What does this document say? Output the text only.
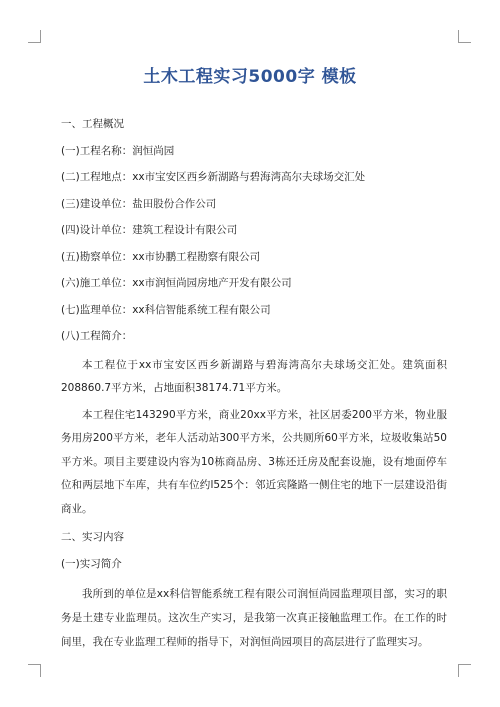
土木工程实习5000字 模板

一、工程概况

(一)工程名称：润恒尚园

(二)工程地点：xx市宝安区西乡新湖路与碧海湾高尔夫球场交汇处

(三)建设单位：盐田股份合作公司

(四)设计单位：建筑工程设计有限公司

(五)勘察单位：xx市协鹏工程勘察有限公司

(六)施工单位：xx市润恒尚园房地产开发有限公司

(七)监理单位：xx科信智能系统工程有限公司

(八)工程简介：

本工程位于xx市宝安区西乡新湖路与碧海湾高尔夫球场交汇处。建筑面积208860.7平方米，占地面积38174.71平方米。

本工程住宅143290平方米，商业20xx平方米，社区居委200平方米，物业服务用房200平方米，老年人活动站300平方米，公共厕所60平方米，垃圾收集站50平方米。项目主要建设内容为10栋商品房、3栋还迁房及配套设施，设有地面停车位和两层地下车库，共有车位约l525个：邻近宾隆路一侧住宅的地下一层建设沿街商业。

二、实习内容

(一)实习简介

我所到的单位是xx科信智能系统工程有限公司润恒尚园监理项目部，实习的职务是土建专业监理员。这次生产实习，是我第一次真正接触监理工作。在工作的时间里，我在专业监理工程师的指导下，对润恒尚园项目的高层进行了监理实习。
